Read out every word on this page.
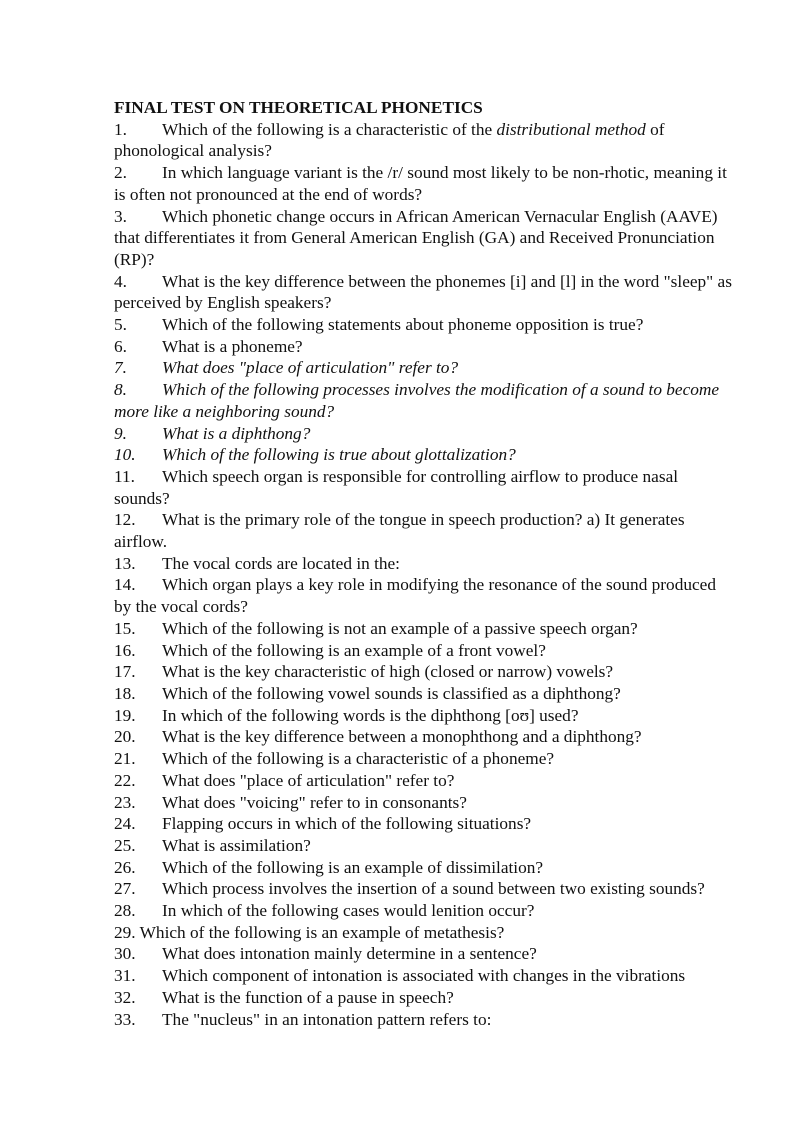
FINAL TEST ON THEORETICAL PHONETICS

1. Which of the following is a characteristic of the distributional method of phonological analysis?

2. In which language variant is the /r/ sound most likely to be non-rhotic, meaning it is often not pronounced at the end of words?

3. Which phonetic change occurs in African American Vernacular English (AAVE) that differentiates it from General American English (GA) and Received Pronunciation (RP)?

4. What is the key difference between the phonemes [i] and [l] in the word "sleep" as perceived by English speakers?

5. Which of the following statements about phoneme opposition is true?

6. What is a phoneme?

7. What does "place of articulation" refer to?

8. Which of the following processes involves the modification of a sound to become more like a neighboring sound?

9. What is a diphthong?

10. Which of the following is true about glottalization?

11. Which speech organ is responsible for controlling airflow to produce nasal sounds?

12. What is the primary role of the tongue in speech production? a) It generates airflow.

13. The vocal cords are located in the:

14. Which organ plays a key role in modifying the resonance of the sound produced by the vocal cords?

15. Which of the following is not an example of a passive speech organ?

16. Which of the following is an example of a front vowel?

17. What is the key characteristic of high (closed or narrow) vowels?

18. Which of the following vowel sounds is classified as a diphthong?

19. In which of the following words is the diphthong [oʊ] used?

20. What is the key difference between a monophthong and a diphthong?

21. Which of the following is a characteristic of a phoneme?

22. What does "place of articulation" refer to?

23. What does "voicing" refer to in consonants?

24. Flapping occurs in which of the following situations?

25. What is assimilation?

26. Which of the following is an example of dissimilation?

27. Which process involves the insertion of a sound between two existing sounds?

28. In which of the following cases would lenition occur?

29. Which of the following is an example of metathesis?

30. What does intonation mainly determine in a sentence?

31. Which component of intonation is associated with changes in the vibrations

32. What is the function of a pause in speech?

33. The "nucleus" in an intonation pattern refers to:
